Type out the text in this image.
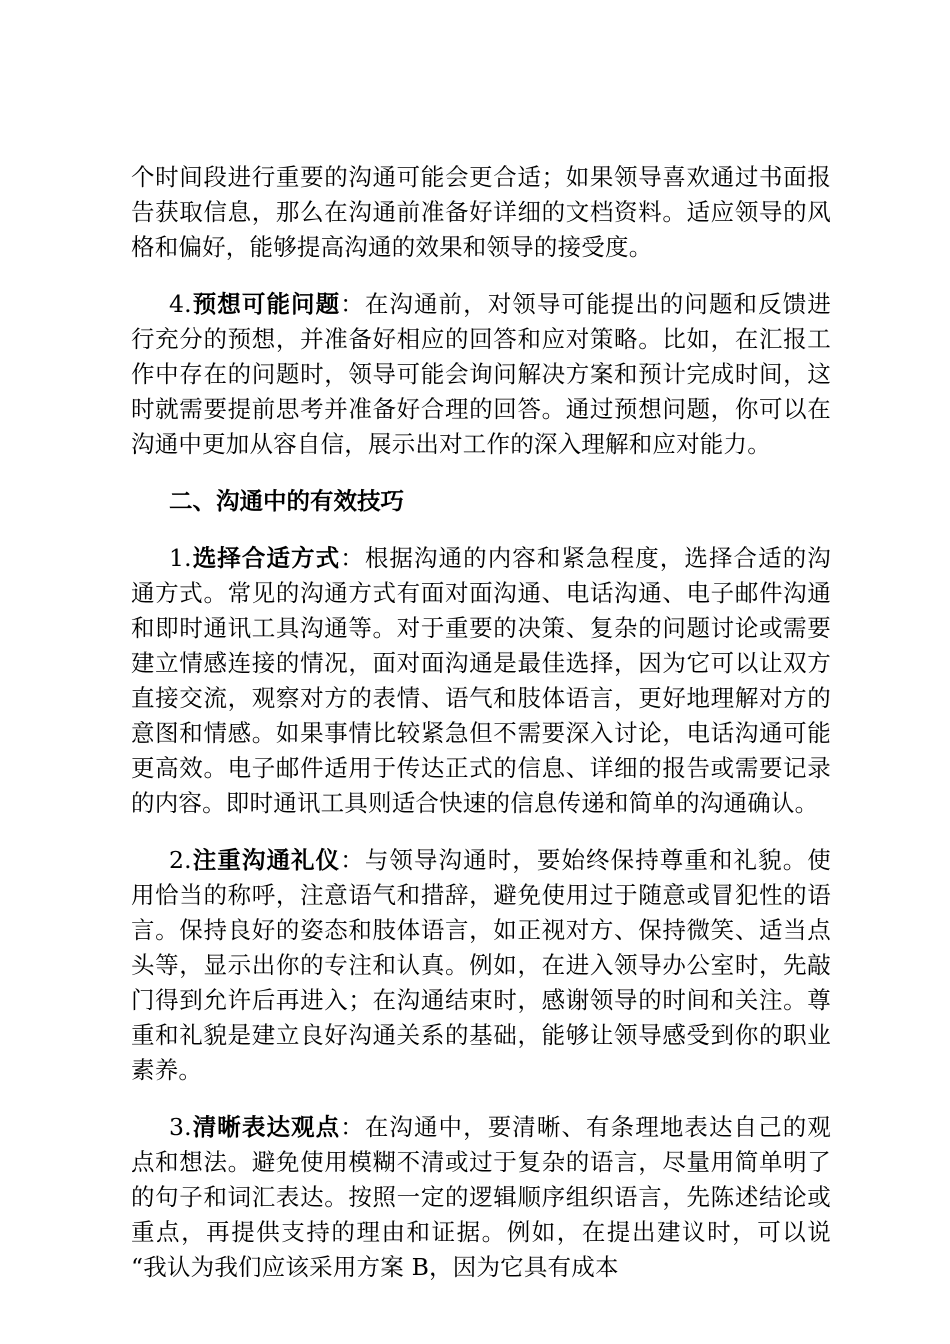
个时间段进行重要的沟通可能会更合适；如果领导喜欢通过书面报告获取信息，那么在沟通前准备好详细的文档资料。适应领导的风格和偏好，能够提高沟通的效果和领导的接受度。

4.预想可能问题：在沟通前，对领导可能提出的问题和反馈进行充分的预想，并准备好相应的回答和应对策略。比如，在汇报工作中存在的问题时，领导可能会询问解决方案和预计完成时间，这时就需要提前思考并准备好合理的回答。通过预想问题，你可以在沟通中更加从容自信，展示出对工作的深入理解和应对能力。

二、沟通中的有效技巧

1.选择合适方式：根据沟通的内容和紧急程度，选择合适的沟通方式。常见的沟通方式有面对面沟通、电话沟通、电子邮件沟通和即时通讯工具沟通等。对于重要的决策、复杂的问题讨论或需要建立情感连接的情况，面对面沟通是最佳选择，因为它可以让双方直接交流，观察对方的表情、语气和肢体语言，更好地理解对方的意图和情感。如果事情比较紧急但不需要深入讨论，电话沟通可能更高效。电子邮件适用于传达正式的信息、详细的报告或需要记录的内容。即时通讯工具则适合快速的信息传递和简单的沟通确认。

2.注重沟通礼仪：与领导沟通时，要始终保持尊重和礼貌。使用恰当的称呼，注意语气和措辞，避免使用过于随意或冒犯性的语言。保持良好的姿态和肢体语言，如正视对方、保持微笑、适当点头等，显示出你的专注和认真。例如，在进入领导办公室时，先敲门得到允许后再进入；在沟通结束时，感谢领导的时间和关注。尊重和礼貌是建立良好沟通关系的基础，能够让领导感受到你的职业素养。

3.清晰表达观点：在沟通中，要清晰、有条理地表达自己的观点和想法。避免使用模糊不清或过于复杂的语言，尽量用简单明了的句子和词汇表达。按照一定的逻辑顺序组织语言，先陈述结论或重点，再提供支持的理由和证据。例如，在提出建议时，可以说 “我认为我们应该采用方案 B，因为它具有成本
